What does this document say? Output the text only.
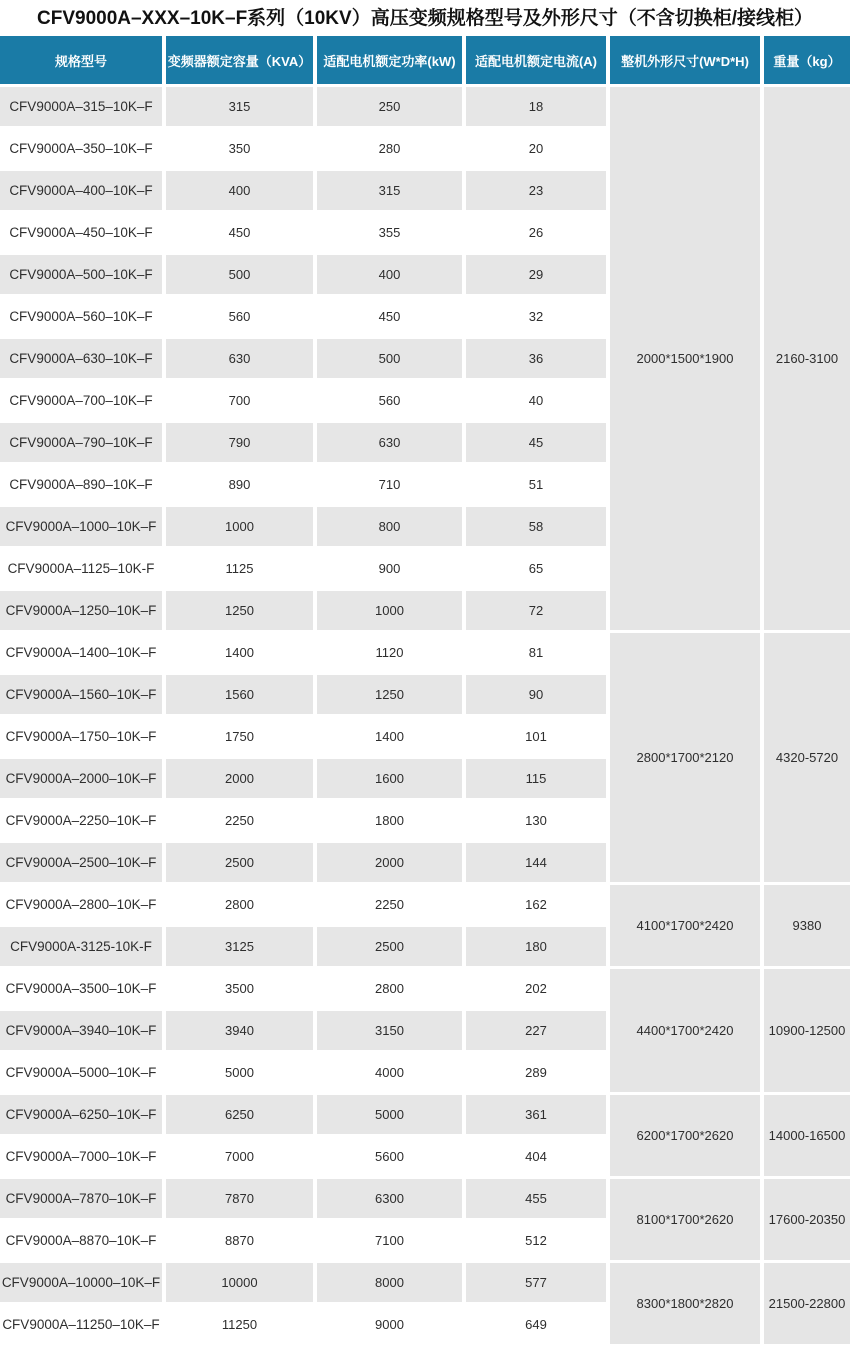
CFV9000A–XXX–10K–F系列（10KV）高压变频规格型号及外形尺寸（不含切换柜/接线柜）
规格型号	变频器额定容量（KVA）	适配电机额定功率(kW)	适配电机额定电流(A)	整机外形尺寸(W*D*H)	重量（kg）
CFV9000A–315–10K–F	315	250	18	2000*1500*1900	2160-3100
CFV9000A–350–10K–F	350	280	20		
CFV9000A–400–10K–F	400	315	23		
CFV9000A–450–10K–F	450	355	26		
CFV9000A–500–10K–F	500	400	29		
CFV9000A–560–10K–F	560	450	32		
CFV9000A–630–10K–F	630	500	36		
CFV9000A–700–10K–F	700	560	40		
CFV9000A–790–10K–F	790	630	45		
CFV9000A–890–10K–F	890	710	51		
CFV9000A–1000–10K–F	1000	800	58		
CFV9000A–1125–10K-F	1125	900	65		
CFV9000A–1250–10K–F	1250	1000	72		
CFV9000A–1400–10K–F	1400	1120	81	2800*1700*2120	4320-5720
CFV9000A–1560–10K–F	1560	1250	90		
CFV9000A–1750–10K–F	1750	1400	101		
CFV9000A–2000–10K–F	2000	1600	115		
CFV9000A–2250–10K–F	2250	1800	130		
CFV9000A–2500–10K–F	2500	2000	144		
CFV9000A–2800–10K–F	2800	2250	162	4100*1700*2420	9380
CFV9000A-3125-10K-F	3125	2500	180		
CFV9000A–3500–10K–F	3500	2800	202	4400*1700*2420	10900-12500
CFV9000A–3940–10K–F	3940	3150	227		
CFV9000A–5000–10K–F	5000	4000	289		
CFV9000A–6250–10K–F	6250	5000	361	6200*1700*2620	14000-16500
CFV9000A–7000–10K–F	7000	5600	404		
CFV9000A–7870–10K–F	7870	6300	455	8100*1700*2620	17600-20350
CFV9000A–8870–10K–F	8870	7100	512		
CFV9000A–10000–10K–F	10000	8000	577	8300*1800*2820	21500-22800
CFV9000A–11250–10K–F	11250	9000	649		
